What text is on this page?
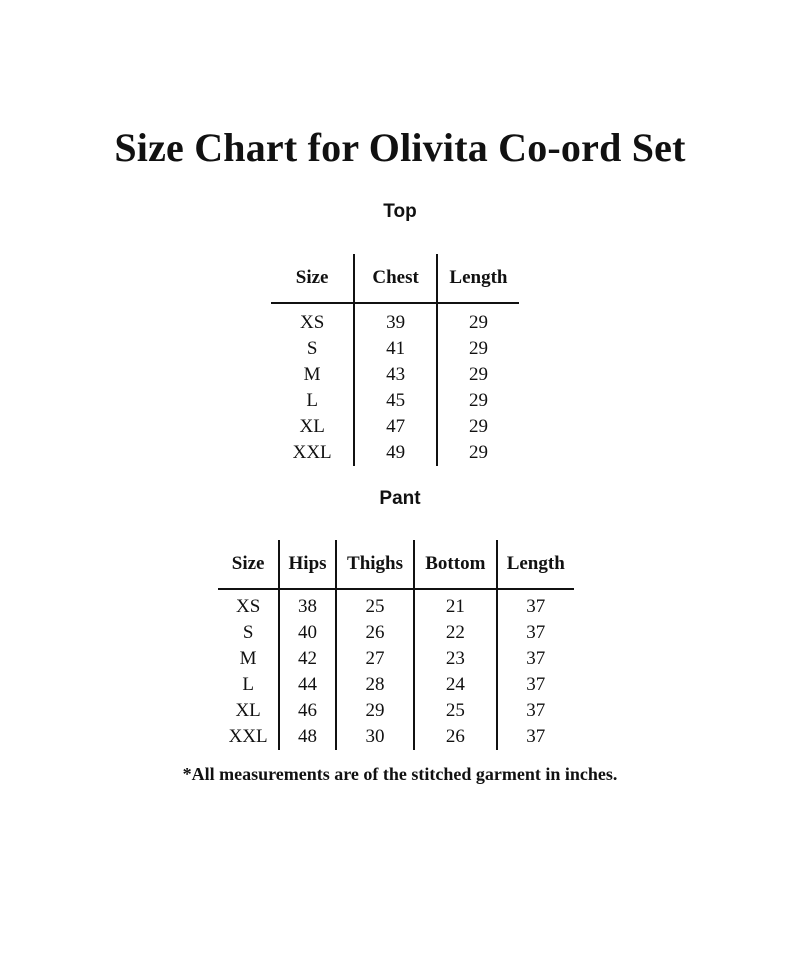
Size Chart for Olivita Co-ord Set
Top
Size	Chest	Length
XS	39	29
S	41	29
M	43	29
L	45	29
XL	47	29
XXL	49	29
Pant
Size	Hips	Thighs	Bottom	Length
XS	38	25	21	37
S	40	26	22	37
M	42	27	23	37
L	44	28	24	37
XL	46	29	25	37
XXL	48	30	26	37
*All measurements are of the stitched garment in inches.
